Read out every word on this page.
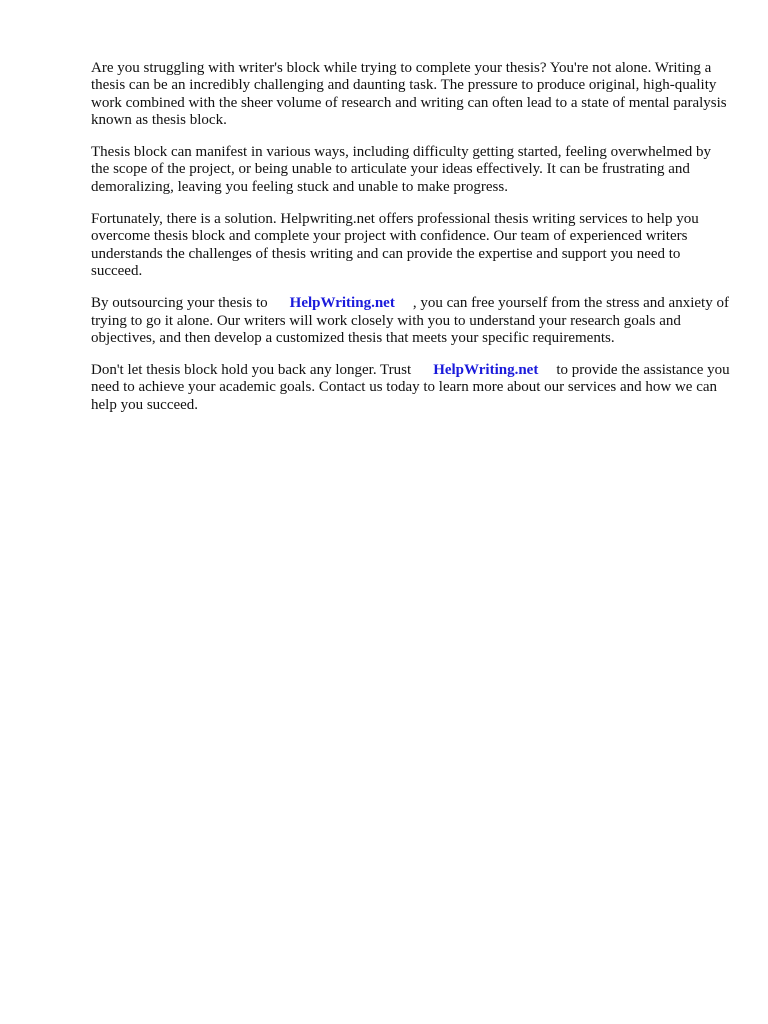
Are you struggling with writer's block while trying to complete your thesis? You're not alone. Writing a thesis can be an incredibly challenging and daunting task. The pressure to produce original, high-quality work combined with the sheer volume of research and writing can often lead to a state of mental paralysis known as thesis block.

Thesis block can manifest in various ways, including difficulty getting started, feeling overwhelmed by the scope of the project, or being unable to articulate your ideas effectively. It can be frustrating and demoralizing, leaving you feeling stuck and unable to make progress.

Fortunately, there is a solution. Helpwriting.net offers professional thesis writing services to help you overcome thesis block and complete your project with confidence. Our team of experienced writers understands the challenges of thesis writing and can provide the expertise and support you need to succeed.

By outsourcing your thesis to HelpWriting.net , you can free yourself from the stress and anxiety of trying to go it alone. Our writers will work closely with you to understand your research goals and objectives, and then develop a customized thesis that meets your specific requirements.

Don't let thesis block hold you back any longer. Trust HelpWriting.net to provide the assistance you need to achieve your academic goals. Contact us today to learn more about our services and how we can help you succeed.
